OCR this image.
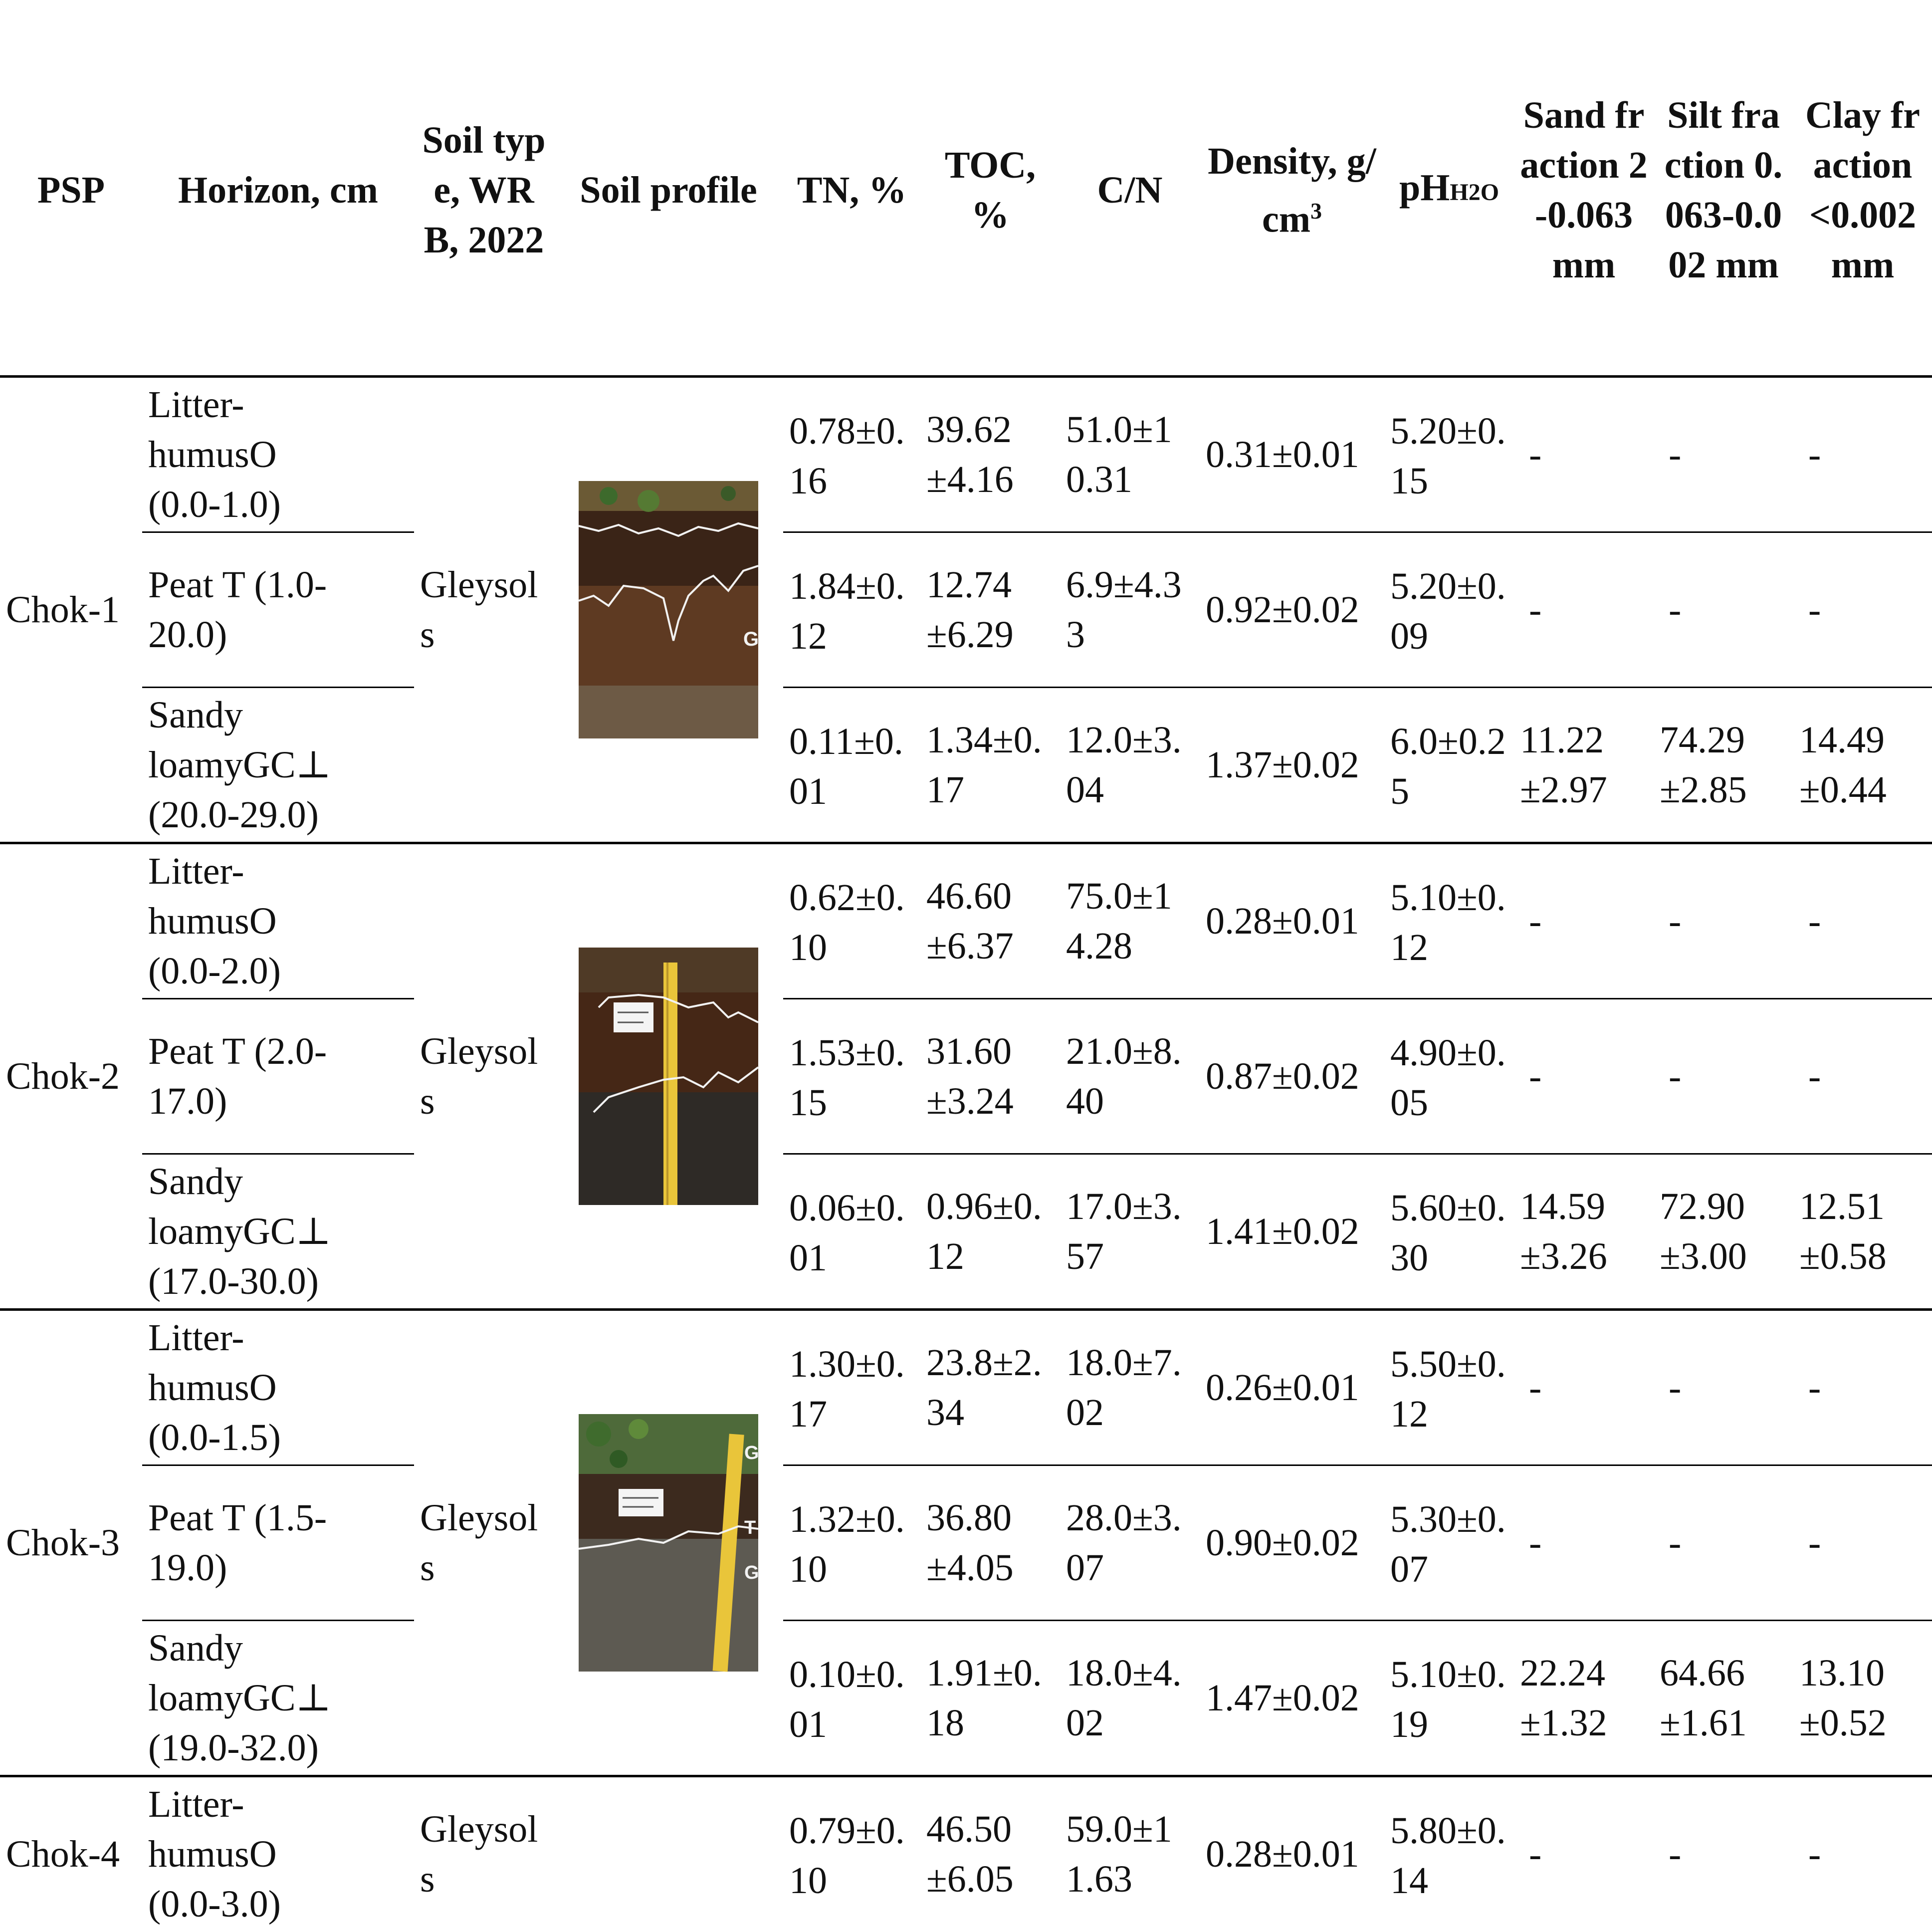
PSP	Horizon, cm	Soil type, WRB, 2022	Soil profile	TN, %	TOC, %	C/N	Density, $g/cm^3$	pHH2O	Sand fraction 2-0.063 mm	Silt fraction 0.063-0.002 mm	Clay fraction <0.002 mm
Chok-1	Litter-
humusO
(0.0-1.0)	Gleysols	G	0.78±0.16	39.62±4.16	51.0±10.31	0.31±0.01	5.20±0.15	-	-	-

	Peat T (1.0-
20.0)			1.84±0.12	12.74±6.29	6.9±4.33	0.92±0.02	5.20±0.09	-	-	-

	Sandy
loamyGC⊥
(20.0-29.0)			0.11±0.01	1.34±0.17	12.0±3.04	1.37±0.02	6.0±0.25	11.22±2.97	74.29±2.85	14.49±0.44
Chok-2	Litter-
humusO
(0.0-2.0)	Gleysols		0.62±0.10	46.60±6.37	75.0±14.28	0.28±0.01	5.10±0.12	-	-	-

	Peat T (2.0-
17.0)			1.53±0.15	31.60±3.24	21.0±8.40	0.87±0.02	4.90±0.05	-	-	-

	Sandy
loamyGC⊥
(17.0-30.0)			0.06±0.01	0.96±0.12	17.0±3.57	1.41±0.02	5.60±0.30	14.59±3.26	72.90±3.00	12.51±0.58
Chok-3	Litter-
humusO
(0.0-1.5)	Gleysols	G
T
G	1.30±0.17	23.8±2.34	18.0±7.02	0.26±0.01	5.50±0.12	-	-	-

	Peat T (1.5-
19.0)			1.32±0.10	36.80±4.05	28.0±3.07	0.90±0.02	5.30±0.07	-	-	-

	Sandy
loamyGC⊥
(19.0-32.0)			0.10±0.01	1.91±0.18	18.0±4.02	1.47±0.02	5.10±0.19	22.24±1.32	64.66±1.61	13.10±0.52
Chok-4	Litter-
humusO
(0.0-3.0)	Gleysols		0.79±0.10	46.50±6.05	59.0±11.63	0.28±0.01	5.80±0.14	-	-	-
